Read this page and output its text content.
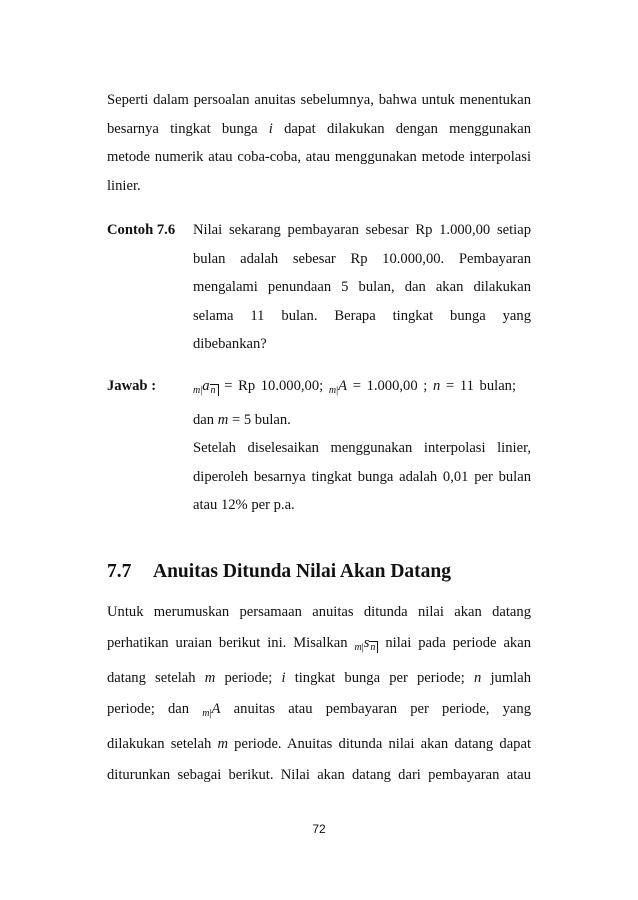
Seperti dalam persoalan anuitas sebelumnya, bahwa untuk menentukan
besarnya tingkat bunga i dapat dilakukan dengan menggunakan
metode numerik atau coba-coba, atau menggunakan metode interpolasi
linier.
Contoh 7.6 Nilai sekarang pembayaran sebesar Rp 1.000,00 setiap
bulan adalah sebesar Rp 10.000,00. Pembayaran
mengalami penundaan 5 bulan, dan akan dilakukan
selama 11 bulan. Berapa tingkat bunga yang
dibebankan?
Jawab :	$_{m|}$an = Rp 10.000,00; $_{m|}$A = 1.000,00 ; n = 11 bulan;
dan m = 5 bulan.
Setelah diselesaikan menggunakan interpolasi linier,
diperoleh besarnya tingkat bunga adalah 0,01 per bulan
atau 12% per p.a.
7.7 Anuitas Ditunda Nilai Akan Datang
Untuk merumuskan persamaan anuitas ditunda nilai akan datang
perhatikan uraian berikut ini. Misalkan $_{m|}$sn nilai pada periode akan
datang setelah m periode; i tingkat bunga per periode; n jumlah
periode; dan $_{m|}$A anuitas atau pembayaran per periode, yang
dilakukan setelah m periode. Anuitas ditunda nilai akan datang dapat
diturunkan sebagai berikut. Nilai akan datang dari pembayaran atau
72
